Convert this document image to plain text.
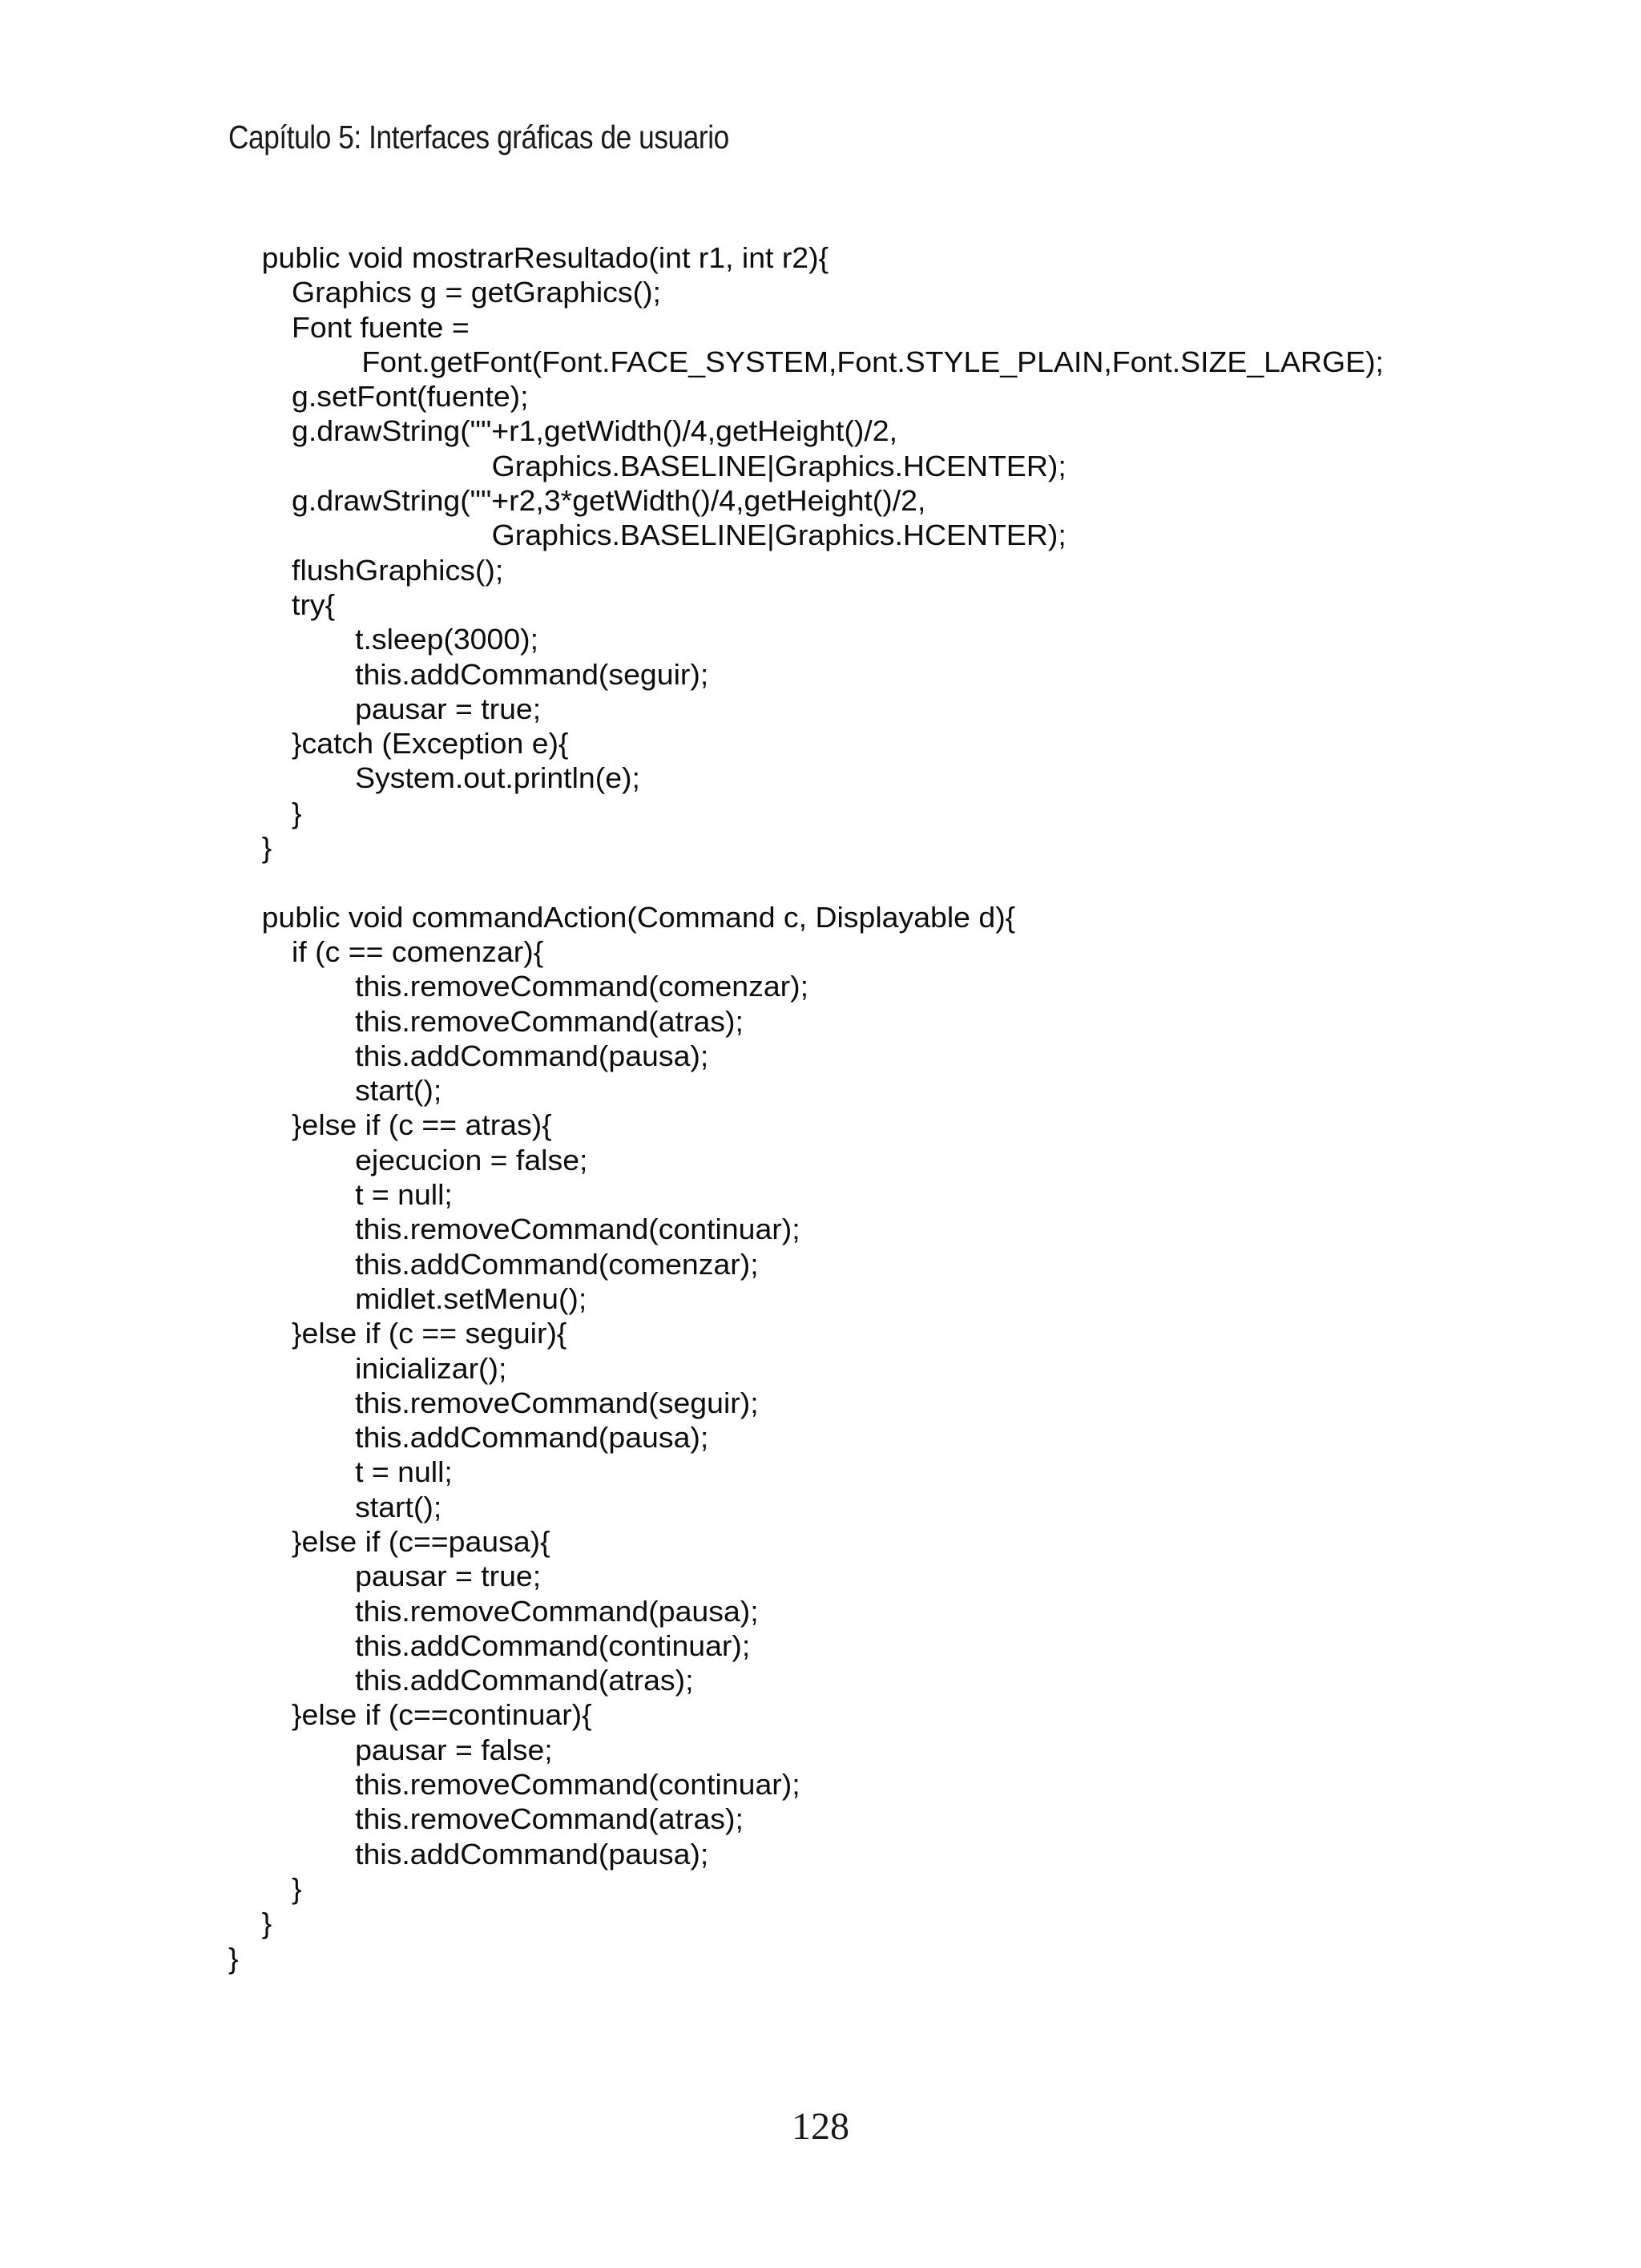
Capítulo 5: Interfaces gráficas de usuario
public void mostrarResultado(int r1, int r2){
Graphics g = getGraphics();
Font fuente =
Font.getFont(Font.FACE_SYSTEM,Font.STYLE_PLAIN,Font.SIZE_LARGE);
g.setFont(fuente);
g.drawString(""+r1,getWidth()/4,getHeight()/2,
Graphics.BASELINE|Graphics.HCENTER);
g.drawString(""+r2,3*getWidth()/4,getHeight()/2,
Graphics.BASELINE|Graphics.HCENTER);
flushGraphics();
try{
t.sleep(3000);
this.addCommand(seguir);
pausar = true;
}catch (Exception e){
System.out.println(e);
}
}
public void commandAction(Command c, Displayable d){
if (c == comenzar){
this.removeCommand(comenzar);
this.removeCommand(atras);
this.addCommand(pausa);
start();
}else if (c == atras){
ejecucion = false;
t = null;
this.removeCommand(continuar);
this.addCommand(comenzar);
midlet.setMenu();
}else if (c == seguir){
inicializar();
this.removeCommand(seguir);
this.addCommand(pausa);
t = null;
start();
}else if (c==pausa){
pausar = true;
this.removeCommand(pausa);
this.addCommand(continuar);
this.addCommand(atras);
}else if (c==continuar){
pausar = false;
this.removeCommand(continuar);
this.removeCommand(atras);
this.addCommand(pausa);
}
}
}
128
